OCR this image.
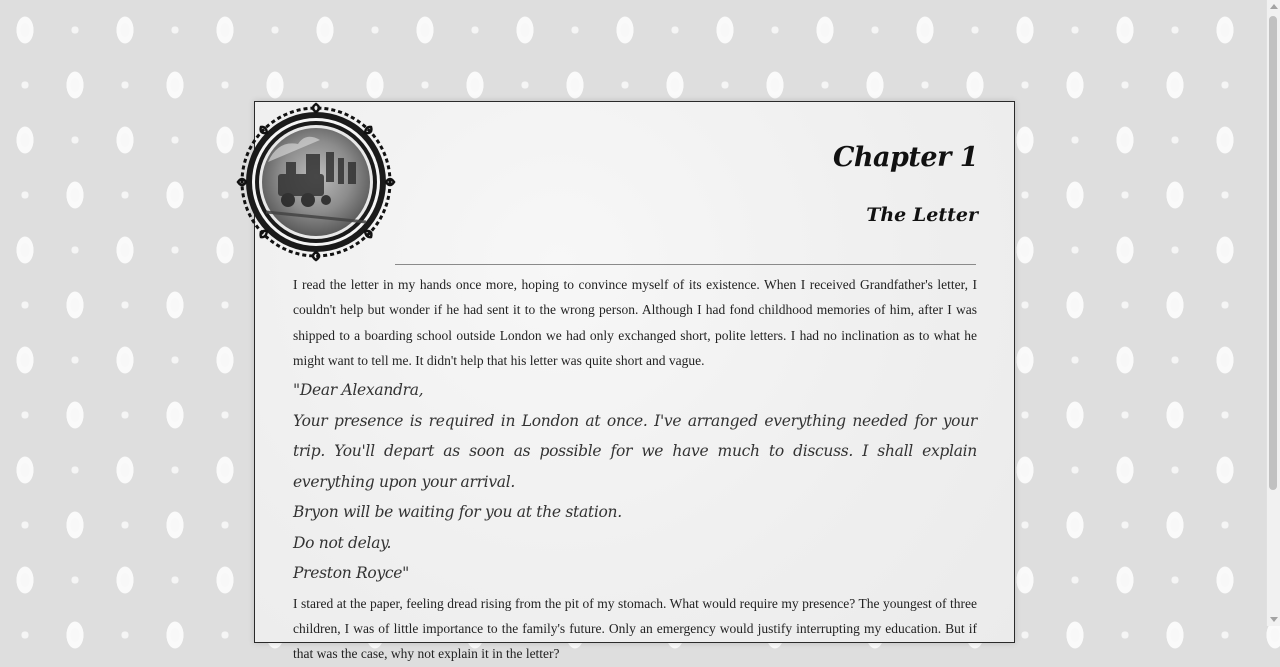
Chapter 1
The Letter

I read the letter in my hands once more, hoping to convince myself of its existence. When I received Grandfather's letter, I couldn't help but wonder if he had sent it to the wrong person. Although I had fond childhood memories of him, after I was shipped to a boarding school outside London we had only exchanged short, polite letters. I had no inclination as to what he might want to tell me. It didn't help that his letter was quite short and vague.

"Dear Alexandra,

Your presence is required in London at once. I've arranged everything needed for your trip. You'll depart as soon as possible for we have much to discuss. I shall explain everything upon your arrival.

Bryon will be waiting for you at the station.

Do not delay.

Preston Royce"

I stared at the paper, feeling dread rising from the pit of my stomach. What would require my presence? The youngest of three children, I was of little importance to the family's future. Only an emergency would justify interrupting my education. But if that was the case, why not explain it in the letter?
